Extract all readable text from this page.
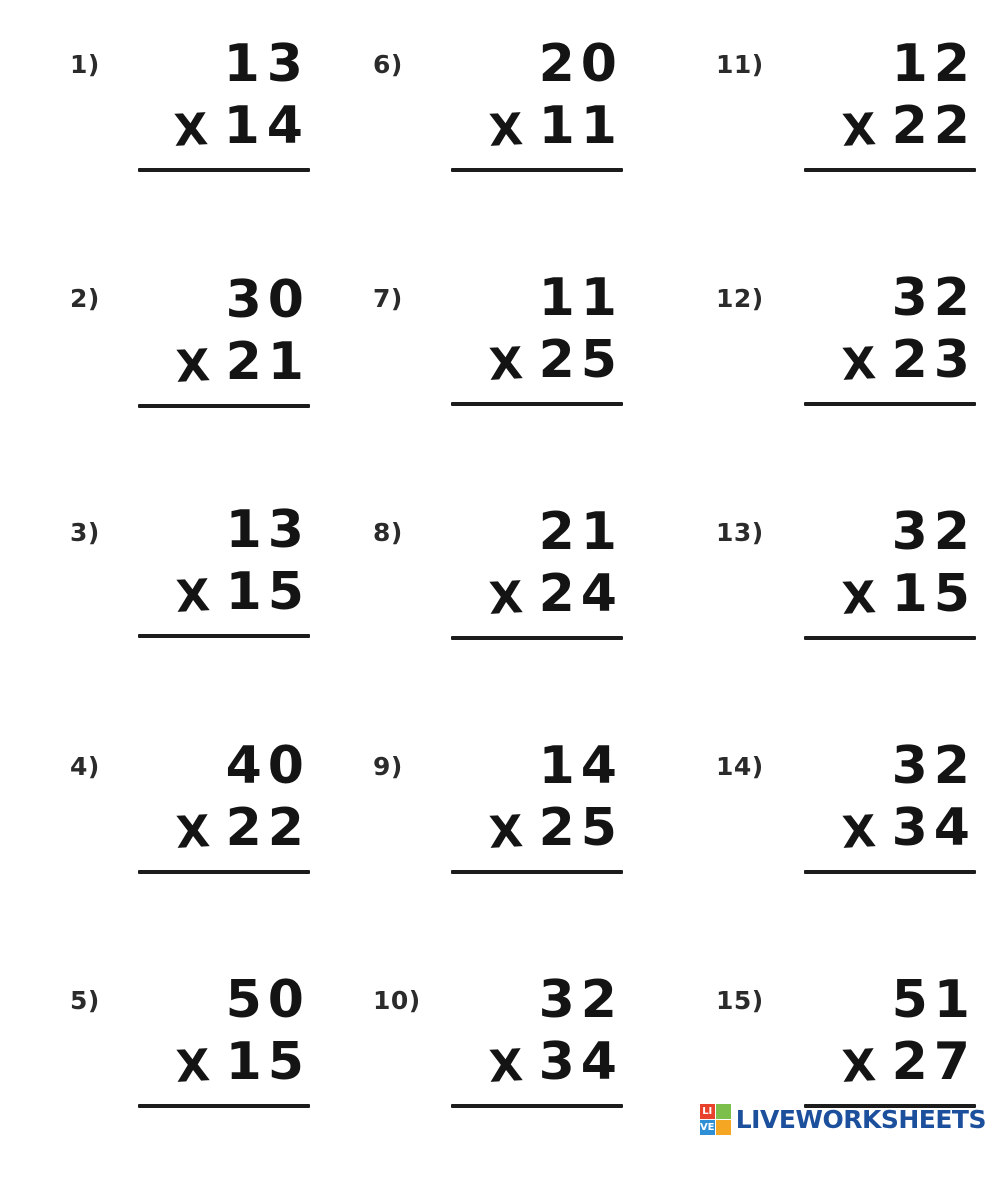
1) 13
X 14
6)	20
X 11
11) 12
X 22
2) 30
X 21
7)	11
X 25
12) 32
X 23
3) 13
X 15
8)	21
X 24
13) 32
X 15
4) 40
X 22
9)	14
X 25
14) 32
X 34
5) 50
X 15
10) 32
X 34
15) 51
X 27
LI
VE LIVEWORKSHEETS
